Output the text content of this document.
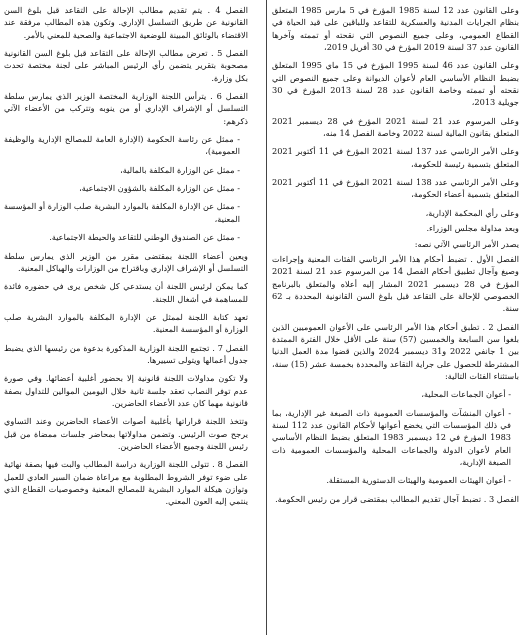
وعلى القانون عدد 12 لسنة 1985 المؤرخ في 5 مارس 1985 المتعلق بنظام الجرايات المدنية والعسكرية للتقاعد وللباقين على قيد الحياة في القطاع العمومي، وعلى جميع النصوص التي نقحته أو تممته وآخرها القانون عدد 37 لسنة 2019 المؤرخ في 30 أفريل 2019،

وعلى القانون عدد 46 لسنة 1995 المؤرخ في 15 ماي 1995 المتعلق بضبط النظام الأساسي العام لأعوان الديوانة وعلى جميع النصوص التي نقحته أو تممته وخاصة القانون عدد 28 لسنة 2013 المؤرخ في 30 جويلية 2013،

وعلى المرسوم عدد 21 لسنة 2021 المؤرخ في 28 ديسمبر 2021 المتعلق بقانون المالية لسنة 2022 وخاصة الفصل 14 منه،

وعلى الأمر الرئاسي عدد 137 لسنة 2021 المؤرخ في 11 أكتوبر 2021 المتعلق بتسمية رئيسة للحكومة،

وعلى الأمر الرئاسي عدد 138 لسنة 2021 المؤرخ في 11 أكتوبر 2021 المتعلق بتسمية أعضاء الحكومة،

وعلى رأي المحكمة الإدارية،

وبعد مداولة مجلس الوزراء.

يصدر الأمر الرئاسي الآتي نصه:

الفصل الأول . تضبط أحكام هذا الأمر الرئاسي الفئات المعنية وإجراءات وصيغ وآجال تطبيق أحكام الفصل 14 من المرسوم عدد 21 لسنة 2021 المؤرخ في 28 ديسمبر 2021 المشار إليه أعلاه والمتعلق بالبرنامج الخصوصي للإحالة على التقاعد قبل بلوغ السن القانونية المحددة بـ 62 سنة.

الفصل 2 . تطبق أحكام هذا الأمر الرئاسي على الأعوان العموميين الذين بلغوا سن السابعة والخمسين (57) سنة على الأقل خلال الفترة الممتدة بين 1 جانفي 2022 و31 ديسمبر 2024 والذين قضوا مدة العمل الدنيا المشترطة للحصول على جراية التقاعد والمحددة بخمسة عشر (15) سنة، باستثناء الفئات التالية:

- أعوان الجماعات المحلية،

- أعوان المنشآت والمؤسسات العمومية ذات الصبغة غير الإدارية، بما في ذلك المؤسسات التي يخضع أعوانها لأحكام القانون عدد 112 لسنة 1983 المؤرخ في 12 ديسمبر 1983 المتعلق بضبط النظام الأساسي العام لأعوان الدولة والجماعات المحلية والمؤسسات العمومية ذات الصبغة الإدارية،

- أعوان الهيئات العمومية والهيئات الدستورية المستقلة.

الفصل 3 . تضبط آجال تقديم المطالب بمقتضى قرار من رئيس الحكومة.

الفصل 4 . يتم تقديم مطالب الإحالة على التقاعد قبل بلوغ السن القانونية عن طريق التسلسل الإداري. وتكون هذه المطالب مرفقة عند الاقتضاء بالوثائق المبينة للوضعية الاجتماعية والصحية للمعني بالأمر.

الفصل 5 . تعرض مطالب الإحالة على التقاعد قبل بلوغ السن القانونية مصحوبة بتقرير يتضمن رأي الرئيس المباشر على لجنة مختصة تحدث بكل وزارة.

الفصل 6 . يترأس اللجنة الوزارية المختصة الوزير الذي يمارس سلطة التسلسل أو الإشراف الإداري أو من ينوبه وتتركب من الأعضاء الآتي ذكرهم:

- ممثل عن رئاسة الحكومة (الإدارة العامة للمصالح الإدارية والوظيفة العمومية)،

- ممثل عن الوزارة المكلفة بالمالية،

- ممثل عن الوزارة المكلفة بالشؤون الاجتماعية،

- ممثل عن الإدارة المكلفة بالموارد البشرية صلب الوزارة أو المؤسسة المعنية،

- ممثل عن الصندوق الوطني للتقاعد والحيطة الاجتماعية.

ويعين أعضاء اللجنة بمقتضى مقرر من الوزير الذي يمارس سلطة التسلسل أو الإشراف الإداري وباقتراح من الوزارات والهياكل المعنية.

كما يمكن لرئيس اللجنة أن يستدعي كل شخص يرى في حضوره فائدة للمساهمة في أشغال اللجنة.

تعهد كتابة اللجنة لممثل عن الإدارة المكلفة بالموارد البشرية صلب الوزارة أو المؤسسة المعنية.

الفصل 7 . تجتمع اللجنة الوزارية المذكورة بدعوة من رئيسها الذي يضبط جدول أعمالها ويتولى تسييرها.

ولا تكون مداولات اللجنة قانونية إلا بحضور أغلبية أعضائها. وفي صورة عدم توفر النصاب تعقد جلسة ثانية خلال اليومين الموالين للتداول بصفة قانونية مهما كان عدد الأعضاء الحاضرين.

وتتخذ اللجنة قراراتها بأغلبية أصوات الأعضاء الحاضرين وعند التساوي يرجح صوت الرئيس. وتضمن مداولاتها بمحاضر جلسات ممضاة من قبل رئيس اللجنة وجميع الأعضاء الحاضرين.

الفصل 8 . تتولى اللجنة الوزارية دراسة المطالب والبت فيها بصفة نهائية على ضوء توفر الشروط المطلوبة مع مراعاة ضمان السير العادي للعمل وتوازن هيكلة الموارد البشرية للمصالح المعنية وخصوصيات القطاع الذي ينتمي إليه العون المعني.
